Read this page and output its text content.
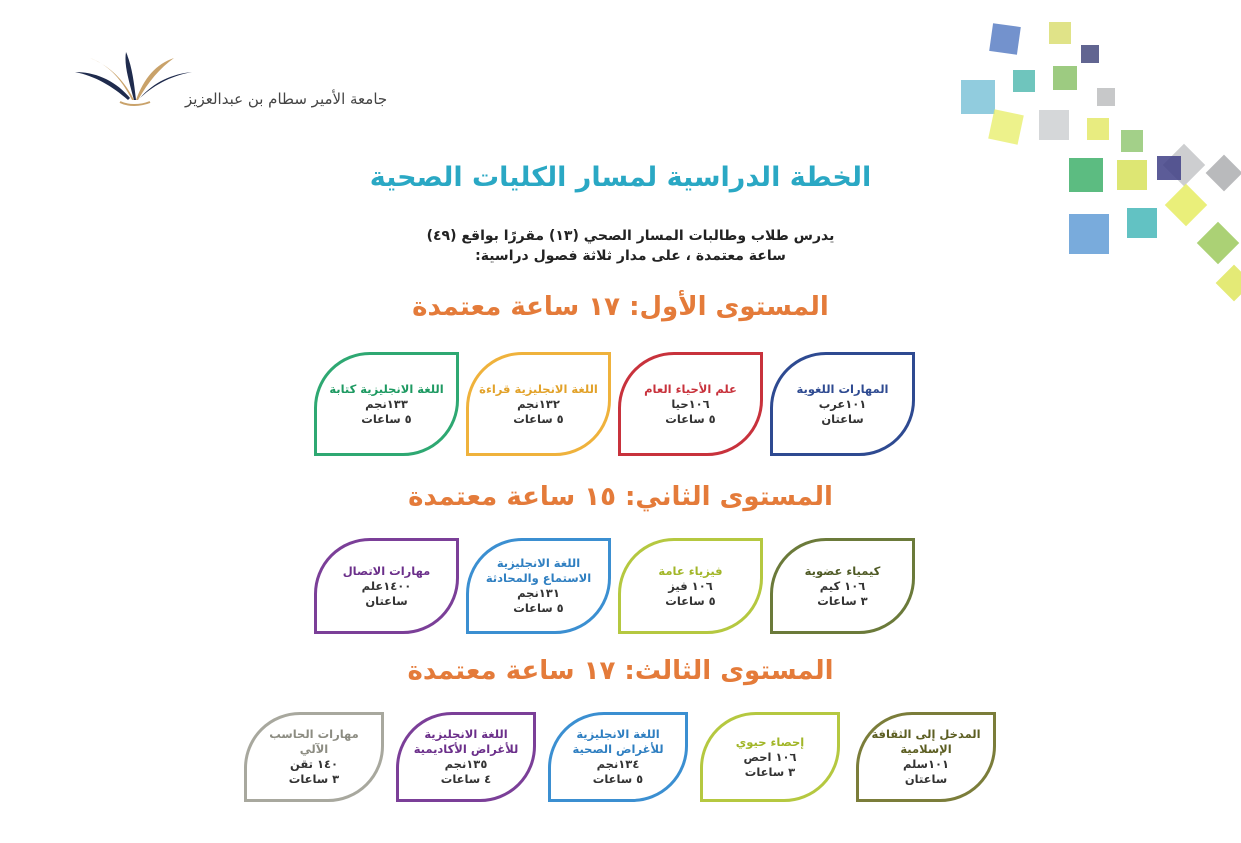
جامعة الأمير سطام بن عبدالعزيز
الخطة الدراسية لمسار الكليات الصحية
يدرس طلاب وطالبات المسار الصحي (١٣) مقررًا بواقع (٤٩)
ساعة معتمدة ، على مدار ثلاثة فصول دراسية:
المستوى الأول: ١٧ ساعة معتمدة
المهارات اللغوية
١٠١عرب
ساعتان
علم الأحياء العام
١٠٦حيا
٥ ساعات
اللغة الانجليزية قراءة
١٣٢نجم
٥ ساعات
اللغة الانجليزية كتابة
١٣٣نجم
٥ ساعات
المستوى الثاني: ١٥ ساعة معتمدة
كيمياء عضوية
١٠٦ كيم
٣ ساعات
فيزياء عامة
١٠٦ فيز
٥ ساعات
اللغة الانجليزية الاستماع والمحادثة
١٣١نجم
٥ ساعات
مهارات الاتصال
١٤٠٠علم
ساعتان
المستوى الثالث: ١٧ ساعة معتمدة
المدخل إلى الثقافة الإسلامية
١٠١سلم
ساعتان
إحصاء حيوي
١٠٦ احص
٣ ساعات
اللغة الانجليزية للأغراض الصحية
١٣٤نجم
٥ ساعات
اللغة الانجليزية للأغراض الأكاديمية
١٣٥نجم
٤ ساعات
مهارات الحاسب الآلي
١٤٠ تقن
٣ ساعات
